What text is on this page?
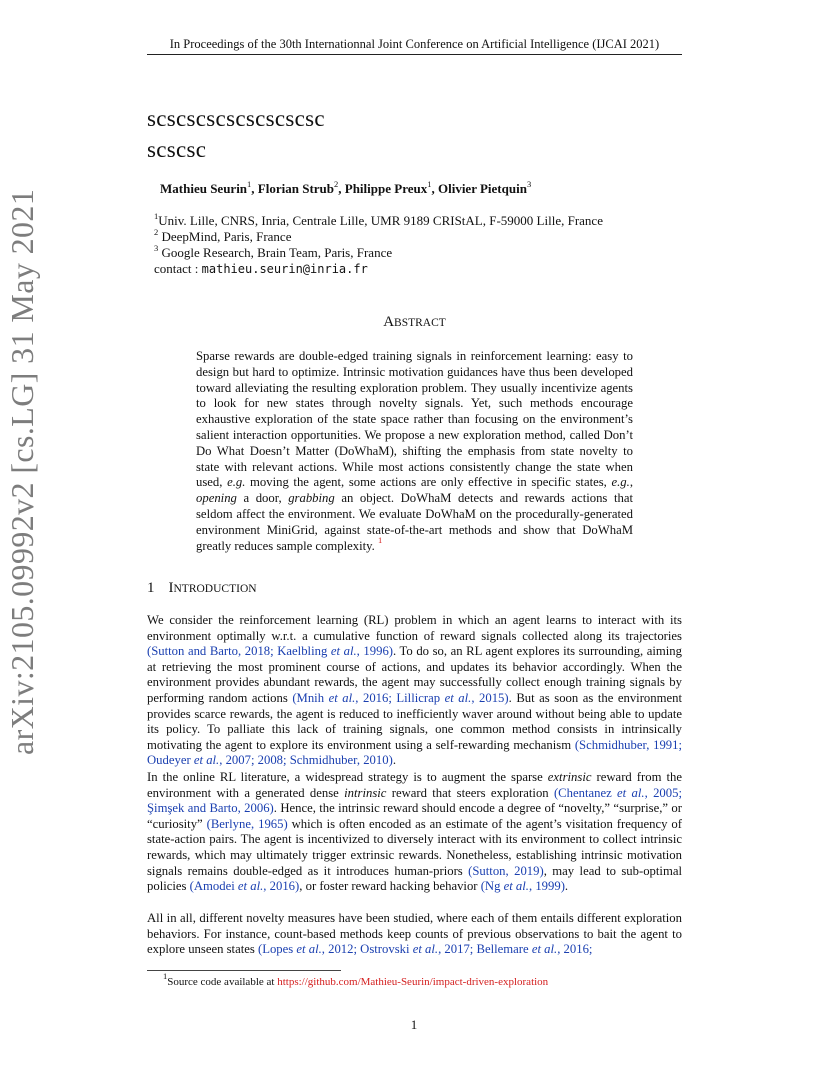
In Proceedings of the 30th Internationnal Joint Conference on Artificial Intelligence (IJCAI 2021)
scscscscscscscscsc
scscsc
Mathieu Seurin$^1$, Florian Strub$^2$, Philippe Preux$^1$, Olivier Pietquin$^3$
$^1$Univ. Lille, CNRS, Inria, Centrale Lille, UMR 9189 CRIStAL, F-59000 Lille, France
$^2$ DeepMind, Paris, France
$^3$ Google Research, Brain Team, Paris, France
contact : mathieu.seurin@inria.fr
arXiv:2105.09992v2 [cs.LG] 31 May 2021	ABSTRACT
Sparse rewards are double-edged training signals in reinforcement learning: easy to design but hard to optimize. Intrinsic motivation guidances have thus been developed toward alleviating the resulting exploration problem. They usually incentivize agents to look for new states through novelty signals. Yet, such methods encourage exhaustive exploration of the state space rather than focusing on the environment’s salient interaction opportunities. We propose a new exploration method, called Don’t Do What Doesn’t Matter (DoWhaM), shifting the emphasis from state novelty to state with relevant actions. While most actions consistently change the state when used, e.g. moving the agent, some actions are only effective in specific states, e.g., opening a door, grabbing an object. DoWhaM detects and rewards actions that seldom affect the environment. We evaluate DoWhaM on the procedurally-generated environment MiniGrid, against state-of-the-art methods and show that DoWhaM greatly reduces sample complexity. $^1$
1 INTRODUCTION
We consider the reinforcement learning (RL) problem in which an agent learns to interact with its environment optimally w.r.t. a cumulative function of reward signals collected along its trajectories (Sutton and Barto, 2018; Kaelbling et al., 1996). To do so, an RL agent explores its surrounding, aiming at retrieving the most prominent course of actions, and updates its behavior accordingly. When the environment provides abundant rewards, the agent may successfully collect enough training signals by performing random actions (Mnih et al., 2016; Lillicrap et al., 2015). But as soon as the environment provides scarce rewards, the agent is reduced to inefficiently waver around without being able to update its policy. To palliate this lack of training signals, one common method consists in intrinsically motivating the agent to explore its environment using a self-rewarding mechanism (Schmidhuber, 1991; Oudeyer et al., 2007; 2008; Schmidhuber, 2010).
In the online RL literature, a widespread strategy is to augment the sparse extrinsic reward from the environment with a generated dense intrinsic reward that steers exploration (Chentanez et al., 2005; Şimşek and Barto, 2006). Hence, the intrinsic reward should encode a degree of “novelty,” “surprise,” or “curiosity” (Berlyne, 1965) which is often encoded as an estimate of the agent’s visitation frequency of state-action pairs. The agent is incentivized to diversely interact with its environment to collect intrinsic rewards, which may ultimately trigger extrinsic rewards. Nonetheless, establishing intrinsic motivation signals remains double-edged as it introduces human-priors (Sutton, 2019), may lead to sub-optimal policies (Amodei et al., 2016), or foster reward hacking behavior (Ng et al., 1999).
All in all, different novelty measures have been studied, where each of them entails different exploration behaviors. For instance, count-based methods keep counts of previous observations to bait the agent to explore unseen states (Lopes et al., 2012; Ostrovski et al., 2017; Bellemare et al., 2016;
$^1$Source code available at https://github.com/Mathieu-Seurin/impact-driven-exploration
1
